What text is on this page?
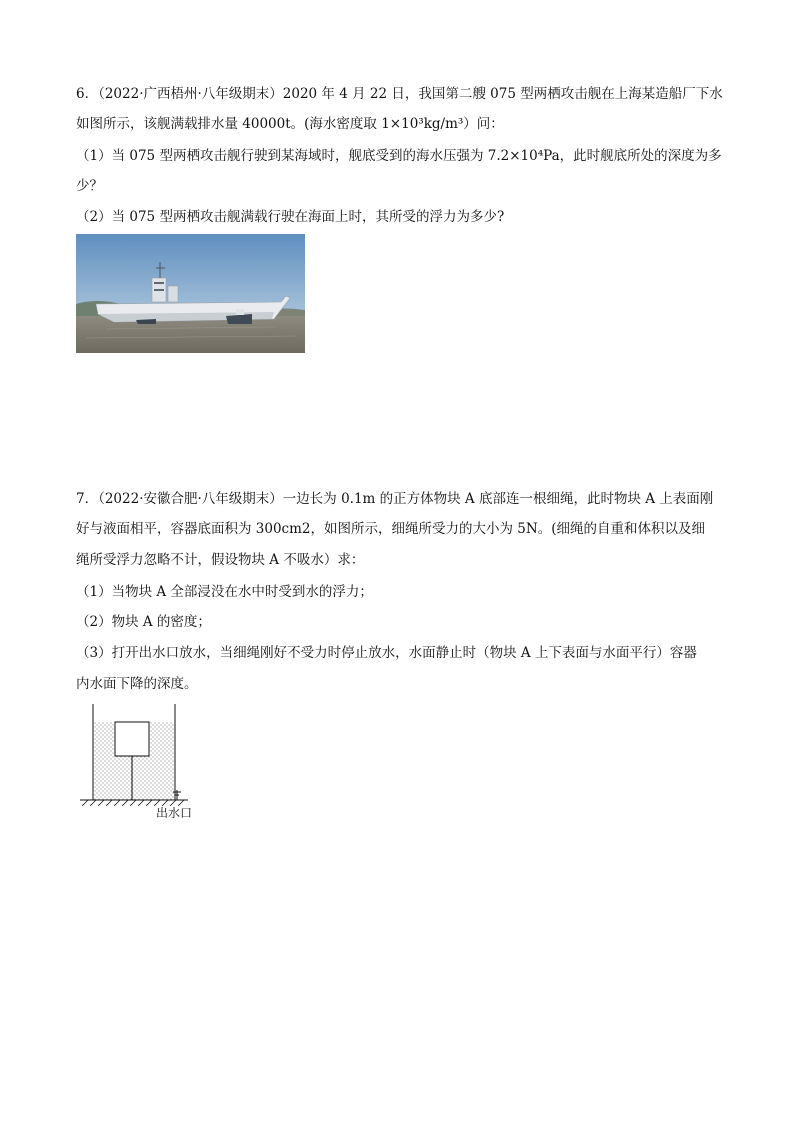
6．（2022·广西梧州·八年级期末）2020 年 4 月 22 日，我国第二艘 075 型两栖攻击舰在上海某造船厂下水
如图所示，该舰满载排水量 40000t。(海水密度取 1×10³kg/m³）问：
（1）当 075 型两栖攻击舰行驶到某海域时，舰底受到的海水压强为 7.2×10⁴Pa，此时舰底所处的深度为多
少？
（2）当 075 型两栖攻击舰满载行驶在海面上时，其所受的浮力为多少?
7．（2022·安徽合肥·八年级期末）一边长为 0.1m 的正方体物块 A 底部连一根细绳，此时物块 A 上表面刚
好与液面相平，容器底面积为 300cm2，如图所示，细绳所受力的大小为 5N。(细绳的自重和体积以及细
绳所受浮力忽略不计，假设物块 A 不吸水）求：
（1）当物块 A 全部浸没在水中时受到水的浮力；
（2）物块 A 的密度；
（3）打开出水口放水，当细绳刚好不受力时停止放水，水面静止时（物块 A 上下表面与水面平行）容器
内水面下降的深度。
出水口
